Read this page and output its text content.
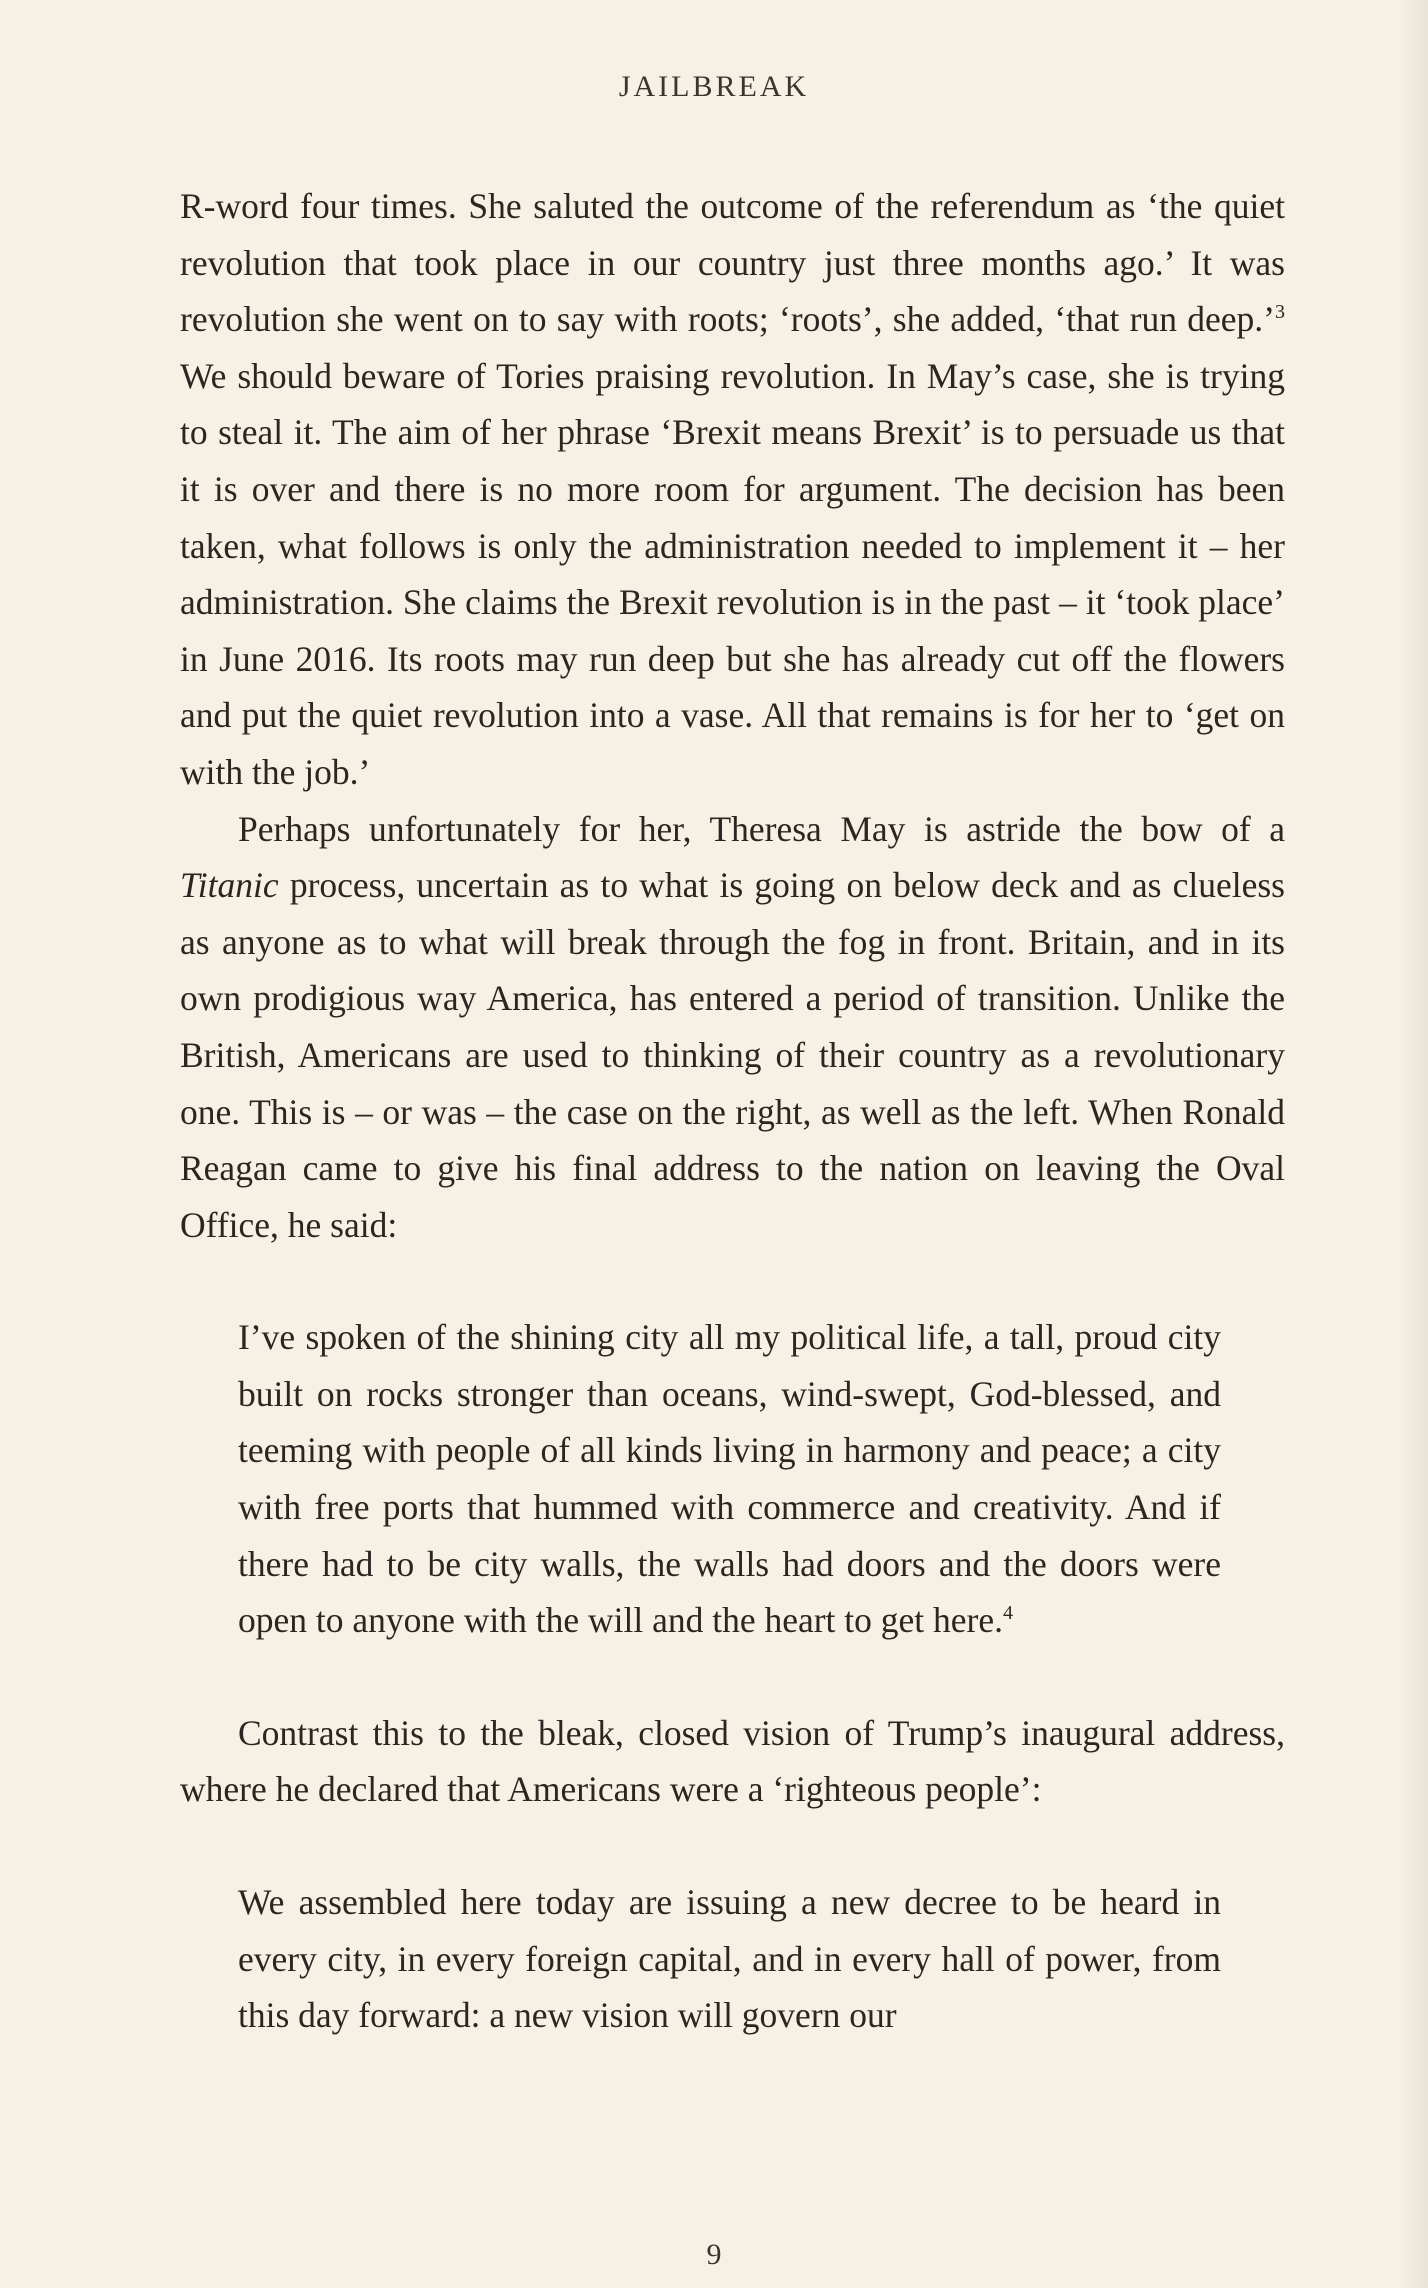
JAILBREAK

R-word four times. She saluted the outcome of the referendum as ‘the quiet revolution that took place in our country just three months ago.’ It was revolution she went on to say with roots; ‘roots’, she added, ‘that run deep.’$^3$ We should beware of Tories praising revolution. In May’s case, she is trying to steal it. The aim of her phrase ‘Brexit means Brexit’ is to persuade us that it is over and there is no more room for argument. The decision has been taken, what follows is only the administration needed to implement it – her administration. She claims the Brexit revolution is in the past – it ‘took place’ in June 2016. Its roots may run deep but she has already cut off the flowers and put the quiet revolution into a vase. All that remains is for her to ‘get on with the job.’

Perhaps unfortunately for her, Theresa May is astride the bow of a Titanic process, uncertain as to what is going on below deck and as clueless as anyone as to what will break through the fog in front. Britain, and in its own prodigious way America, has entered a period of transition. Unlike the British, Americans are used to thinking of their country as a revolutionary one. This is – or was – the case on the right, as well as the left. When Ronald Reagan came to give his final address to the nation on leaving the Oval Office, he said:

I’ve spoken of the shining city all my political life, a tall, proud city built on rocks stronger than oceans, wind-swept, God-blessed, and teeming with people of all kinds living in harmony and peace; a city with free ports that hummed with commerce and creativity. And if there had to be city walls, the walls had doors and the doors were open to anyone with the will and the heart to get here.$^4$

Contrast this to the bleak, closed vision of Trump’s inaugural address, where he declared that Americans were a ‘righteous people’:

We assembled here today are issuing a new decree to be heard in every city, in every foreign capital, and in every hall of power, from this day forward: a new vision will govern our

9
